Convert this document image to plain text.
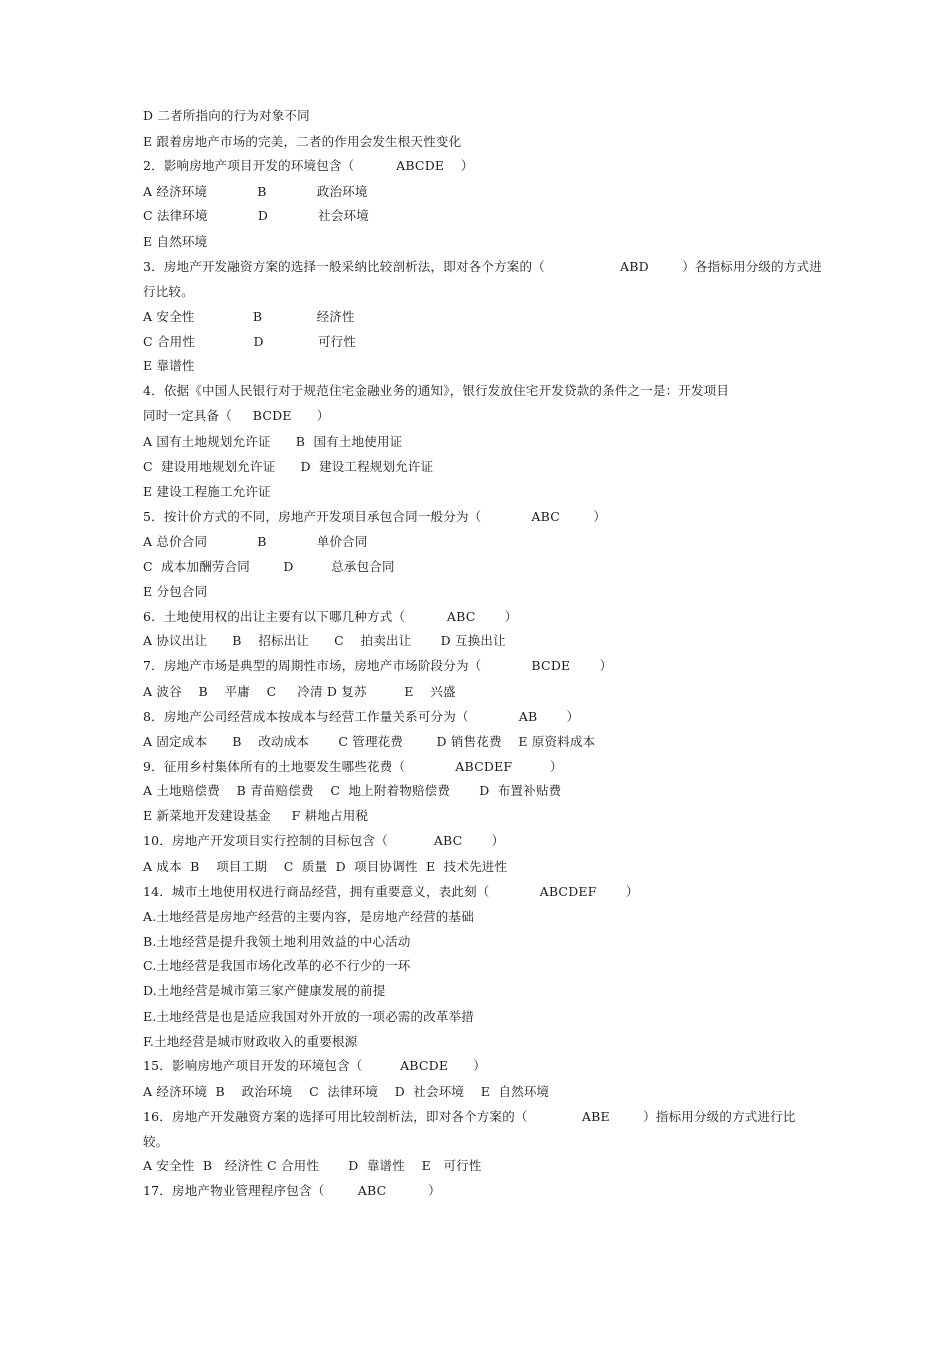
D 二者所指向的行为对象不同
E 跟着房地产市场的完美，二者的作用会发生根天性变化
2．影响房地产项目开发的环境包含（          ABCDE    ）
A 经济环境            B            政治环境
C 法律环境            D            社会环境
E 自然环境
3．房地产开发融资方案的选择一般采纳比较剖析法，即对各个方案的（                  ABD        ）各指标用分级的方式进
行比较。
A 安全性              B             经济性
C 合用性              D             可行性
E 靠谱性
4．依据《中国人民银行对于规范住宅金融业务的通知》，银行发放住宅开发贷款的条件之一是：开发项目
同时一定具备（     BCDE      ）
A 国有土地规划允许证      B  国有土地使用证
C  建设用地规划允许证      D  建设工程规划允许证
E 建设工程施工允许证
5．按计价方式的不同，房地产开发项目承包合同一般分为（            ABC        ）
A 总价合同            B            单价合同
C  成本加酬劳合同        D         总承包合同
E 分包合同
6．土地使用权的出让主要有以下哪几种方式（          ABC       ）
A 协议出让      B    招标出让      C    拍卖出让       D 互换出让
7．房地产市场是典型的周期性市场，房地产市场阶段分为（            BCDE       ）
A 波谷    B    平庸    C     冷清 D 复苏         E    兴盛
8．房地产公司经营成本按成本与经营工作量关系可分为（            AB       ）
A 固定成本      B    改动成本       C 管理花费        D 销售花费    E 原资料成本
9．征用乡村集体所有的土地要发生哪些花费（            ABCDEF         ）
A 土地赔偿费    B 青苗赔偿费    C  地上附着物赔偿费       D  布置补贴费
E 新菜地开发建设基金     F 耕地占用税
10．房地产开发项目实行控制的目标包含（           ABC       ）
A 成本  B    项目工期    C  质量  D  项目协调性  E  技术先进性
14．城市土地使用权进行商品经营，拥有重要意义，表此刻（            ABCDEF       ）
A.土地经营是房地产经营的主要内容，是房地产经营的基础
B.土地经营是提升我领土地利用效益的中心活动
C.土地经营是我国市场化改革的必不行少的一环
D.土地经营是城市第三家产健康发展的前提
E.土地经营是也是适应我国对外开放的一项必需的改革举措
F.土地经营是城市财政收入的重要根源
15．影响房地产项目开发的环境包含（         ABCDE      ）
A 经济环境  B    政治环境    C  法律环境    D  社会环境    E  自然环境
16．房地产开发融资方案的选择可用比较剖析法，即对各个方案的（             ABE        ）指标用分级的方式进行比
较。
A 安全性  B   经济性 C 合用性       D  靠谱性    E   可行性
17．房地产物业管理程序包含（        ABC          ）
